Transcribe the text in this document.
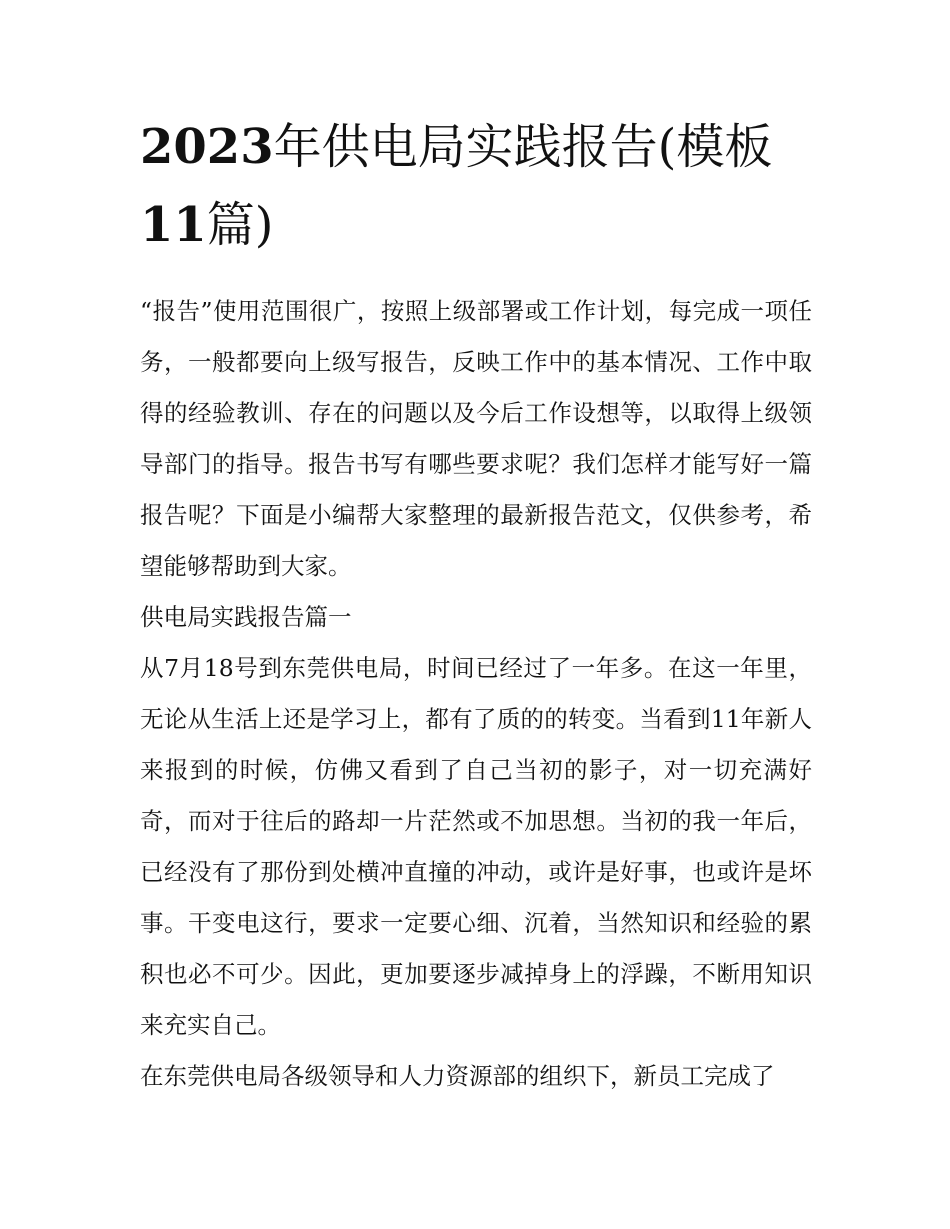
2023年供电局实践报告(模板
11篇)

“报告”使用范围很广，按照上级部署或工作计划，每完成一项任务，一般都要向上级写报告，反映工作中的基本情况、工作中取得的经验教训、存在的问题以及今后工作设想等，以取得上级领导部门的指导。报告书写有哪些要求呢？我们怎样才能写好一篇报告呢？下面是小编帮大家整理的最新报告范文，仅供参考，希望能够帮助到大家。

供电局实践报告篇一

从7月18号到东莞供电局，时间已经过了一年多。在这一年里，无论从生活上还是学习上，都有了质的的转变。当看到11年新人来报到的时候，仿佛又看到了自己当初的影子，对一切充满好奇，而对于往后的路却一片茫然或不加思想。当初的我一年后，已经没有了那份到处横冲直撞的冲动，或许是好事，也或许是坏事。干变电这行，要求一定要心细、沉着，当然知识和经验的累积也必不可少。因此，更加要逐步减掉身上的浮躁，不断用知识来充实自己。

在东莞供电局各级领导和人力资源部的组织下，新员工完成了
